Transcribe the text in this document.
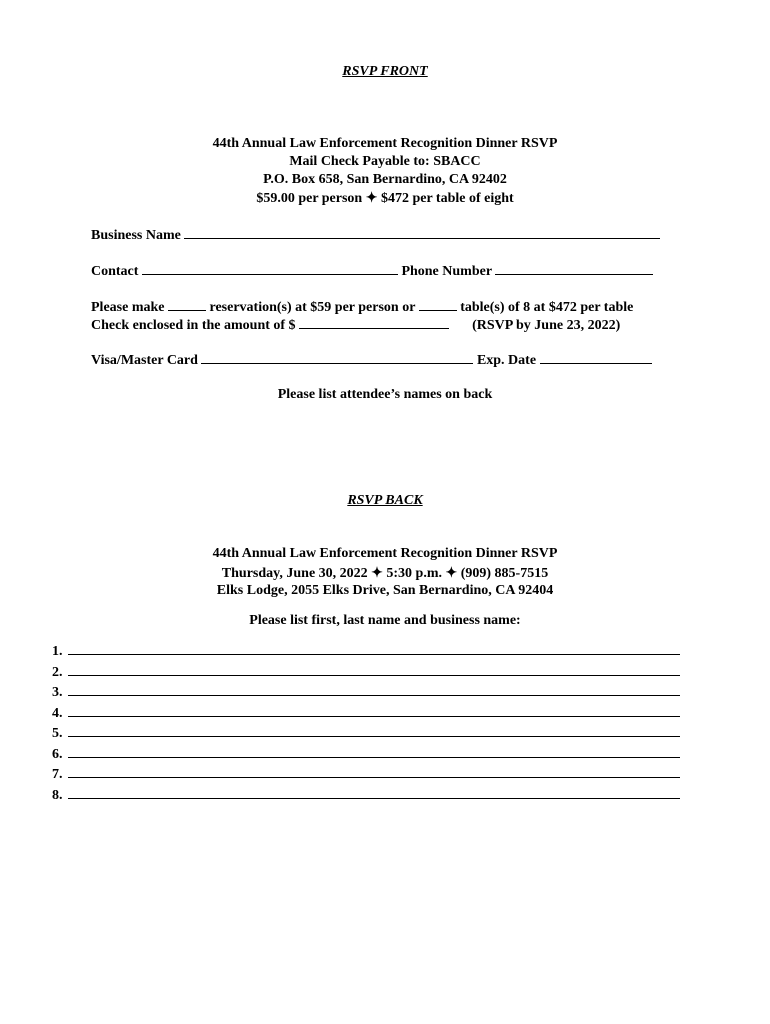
RSVP FRONT
44th Annual Law Enforcement Recognition Dinner RSVP
Mail Check Payable to: SBACC
P.O. Box 658, San Bernardino, CA 92402
$59.00 per person ✦ $472 per table of eight
Business Name
Contact	Phone Number
Please make	reservation(s) at $59 per person or	table(s) of 8 at $472 per table
Check enclosed in the amount of $	(RSVP by June 23, 2022)
Visa/Master Card	Exp. Date
Please list attendee’s names on back
RSVP BACK
44th Annual Law Enforcement Recognition Dinner RSVP
Thursday, June 30, 2022 ✦ 5:30 p.m. ✦ (909) 885-7515
Elks Lodge, 2055 Elks Drive, San Bernardino, CA 92404
Please list first, last name and business name:
1.
2.
3.
4.
5.
6.
7.
8.
